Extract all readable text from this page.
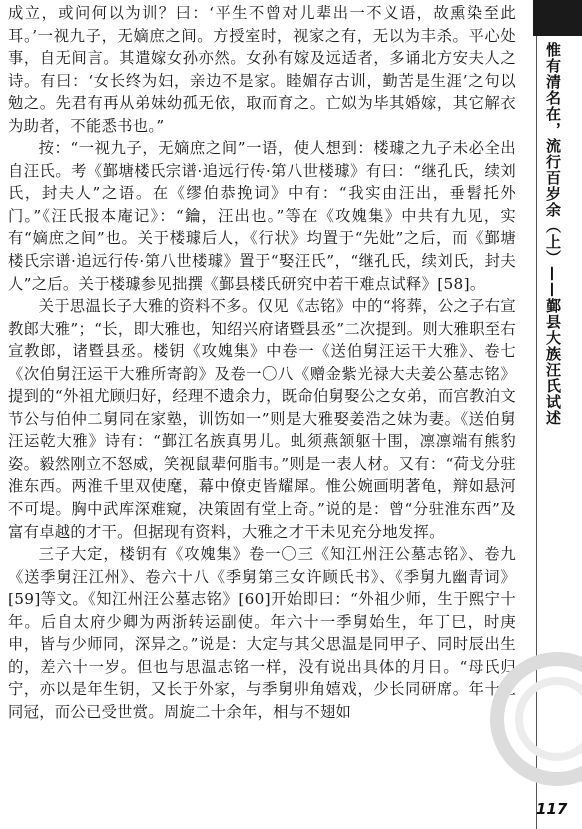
成立，或问何以为训？曰：‘平生不曾对儿辈出一不义语，故熏染至此耳。’一视九子，无嫡庶之间。方授室时，视家之有，无以为丰杀。平心处事，自无间言。其遣嫁女孙亦然。女孙有嫁及远适者，多诵北方安夫人之诗。有曰：‘女长终为妇，亲边不是家。睦媚存古训，勤苦是生涯’之句以勉之。先君有再从弟妹幼孤无依，取而育之。亡姒为毕其婚嫁，其它解衣为助者，不能悉书也。”

按：“一视九子，无嫡庶之间”一语，使人想到：楼璩之九子未必全出自汪氏。考《鄞塘楼氏宗谱·追远行传·第八世楼璩》有曰：“继孔氏，续刘氏，封夫人”之语。在《缪伯恭挽词》中有：“我实由汪出，垂髫托外门。”《汪氏报本庵记》：“鑰，汪出也。”等在《攻媿集》中共有九见，实有“嫡庶之间”也。关于楼璩后人，《行状》均置于“先妣”之后，而《鄞塘楼氏宗谱·追远行传·第八世楼璩》置于“娶汪氏”，“继孔氏，续刘氏，封夫人”之后。关于楼璩参见拙撰《鄞县楼氏研究中若干难点试释》[58]。

关于思温长子大雅的资料不多。仅见《志铭》中的“将葬，公之子右宣教郎大雅”；“长，即大雅也，知绍兴府诸暨县丞”二次提到。则大雅职至右宣教郎，诸暨县丞。楼钥《攻媿集》中卷一《送伯舅汪运干大雅》、卷七《次伯舅汪运干大雅所寄韵》及卷一〇八《赠金紫光禄大夫姜公墓志铭》提到的“外祖尤顾归好，经理不遗余力，既命伯舅娶公之女弟，而宫教泊文节公与伯仲二舅同在家塾，训饬如一”则是大雅娶姜浩之妹为妻。《送伯舅汪运乾大雅》诗有：“鄞江名族真男儿。虬须燕颔躯十围，凛凛端有熊豹姿。毅然刚立不怒威，笑视鼠辈何脂韦。”则是一表人材。又有：“荷戈分驻淮东西。两淮千里双使麾，幕中僚吏皆耀犀。惟公婉画明著龟，辩如悬河不可堤。胸中武库深难窥，决策固有堂上奇。”说的是：曾“分驻淮东西”及富有卓越的才干。但据现有资料，大雅之才干未见充分地发挥。

三子大定，楼钥有《攻媿集》卷一〇三《知江州汪公墓志铭》、卷九《送季舅汪江州》、卷六十八《季舅第三女许顾氏书》、《季舅九幽青词》[59]等文。《知江州汪公墓志铭》[60]开始即曰：“外祖少师，生于熙宁十年。后自太府少卿为两浙转运副使。年六十一季舅始生，年丁巳，时庚申，皆与少师同，深异之。”说是：大定与其父思温是同甲子、同时辰出生的，差六十一岁。但也与思温志铭一样，没有说出具体的月日。“母氏归宁，亦以是年生钥，又长于外家，与季舅丱角嬉戏，少长同研席。年十三同冠，而公已受世赏。周旋二十余年，相与不翅如

惟有清名在，流行百岁余（上）——鄞县大族汪氏试述
117
